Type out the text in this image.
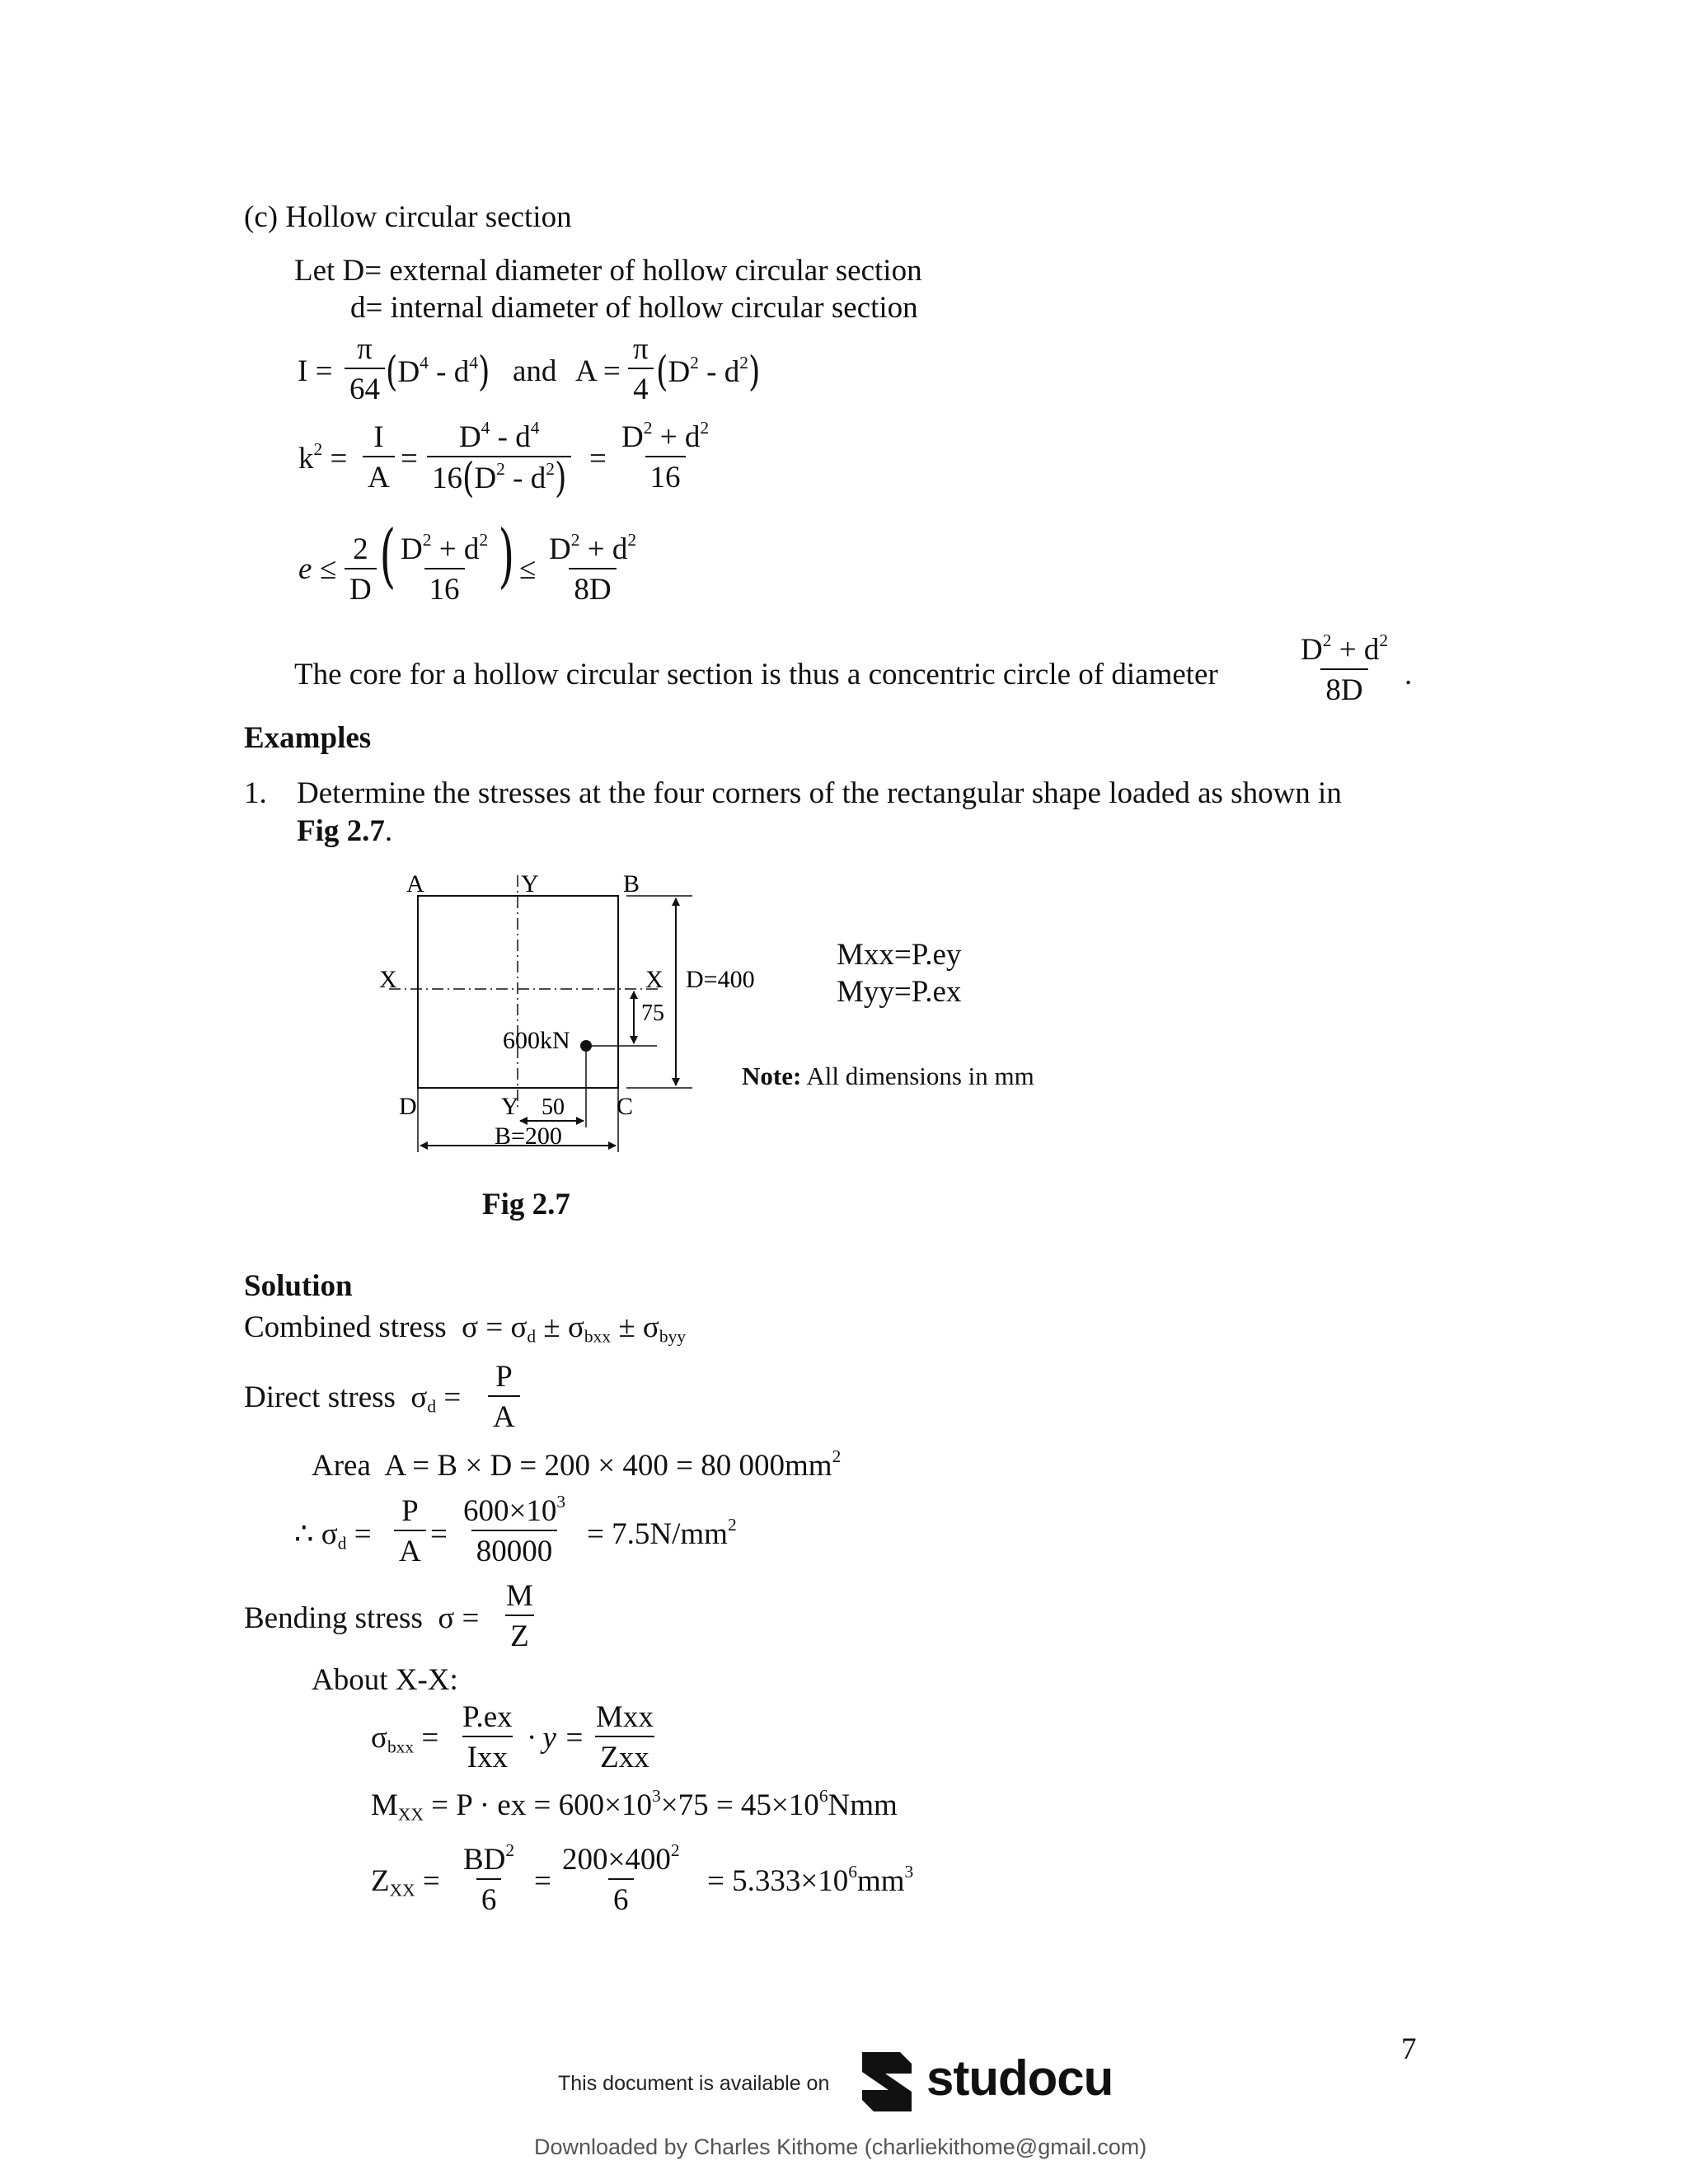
(c) Hollow circular section
Let D= external diameter of hollow circular section
d= internal diameter of hollow circular section
$I = \frac{\pi}{64} (D^4 - d^4)$ and $A = \frac{\pi}{4} (D^2 - d^2)$
$k^2 = \frac{I}{A} = \frac{D^4 - d^4}{16(D^2 - d^2)} = \frac{D^2 + d^2}{16}$
$e \le \frac{2}{D}$ ( $\frac{D^2 + d^2}{16}$ ) ≤ $\frac{D^2 + d^2}{8D}$
The core for a hollow circular section is thus a concentric circle of diameter	$\frac{D^2 + d^2}{8D}$ .
Examples
1. Determine the stresses at the four corners of the rectangular shape loaded as shown in
Fig 2.7.
A	B
C
D
X	X
Y
Y
600kN
D=400
75
50
B=200
Mxx=P.ey
Myy=P.ex
Note: All dimensions in mm
Fig 2.7
Solution
Combined stress  $\sigma = \sigma_d \pm \sigma_{bxx} \pm \sigma_{byy}$
Direct stress  $\sigma_d = \frac{P}{A}$
Area A = B × D = 200 × 400 = 80 $000mm^2$
∴ $\sigma_d = \frac{P}{A} = \frac{600\times 10^3}{80000} = 7.5N/mm^2$
Bending stress  $\sigma = \frac{M}{Z}$
About X-X:
$\sigma_{bxx}$ =
P.ex
Ixx
· y =
Mxx
Zxx
$M_{XX} = P$ · ex = $600\times 10^3\times 75 = 45\times 10^6Nmm$
$Z_{XX} = \frac{BD^2}{6} = \frac{200\times 400^2}{6} = 5.333\times 10^6mm^3$
7
This document is available on studocu
Downloaded by Charles Kithome (charliekithome@gmail.com)
